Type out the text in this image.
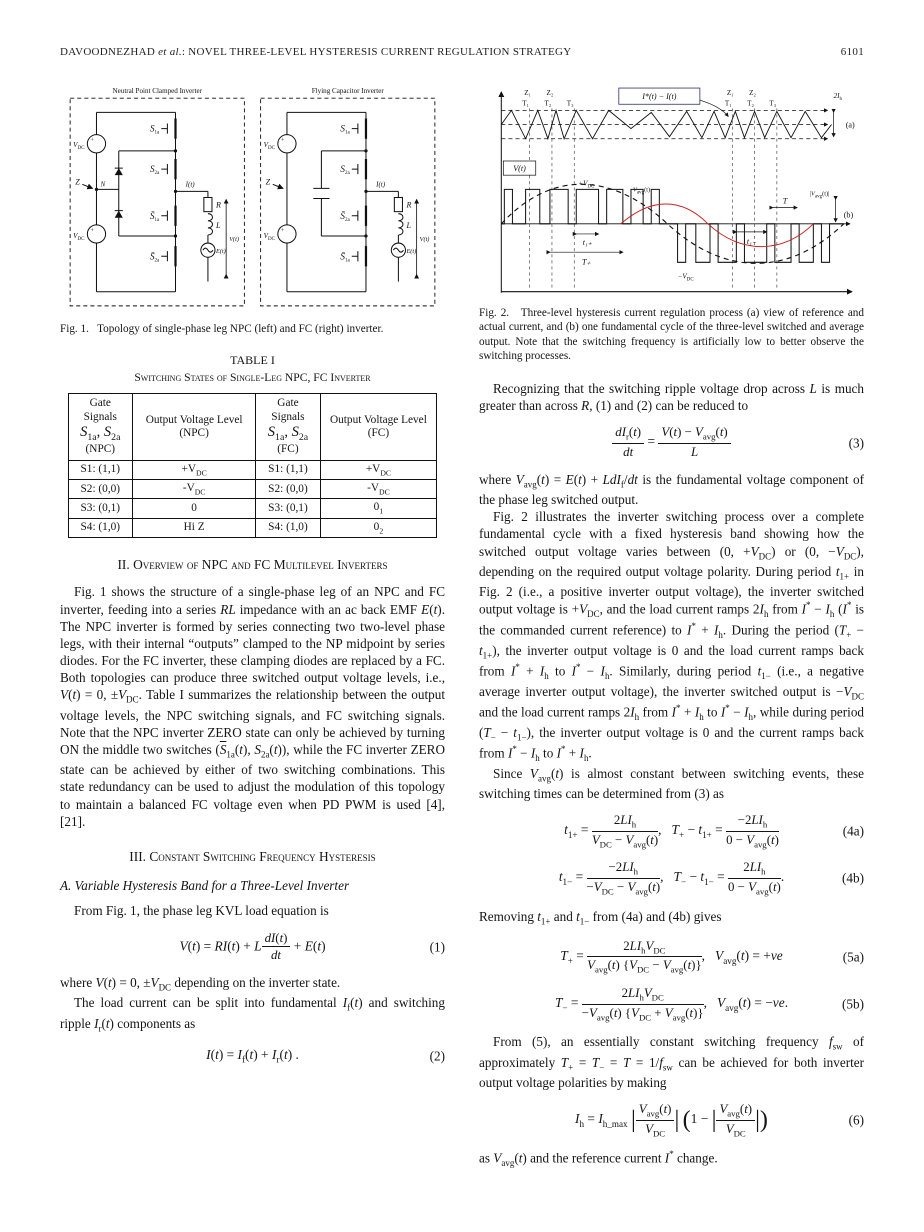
DAVOODNEZHAD et al.: NOVEL THREE-LEVEL HYSTERESIS CURRENT REGULATION STRATEGY	6101
Neutral Point Clamped Inverter
$V_{DC}$
$V_{DC}$
+
+
Z	N
$S_{1a}$
$S_{2a}$
$S̄_{1a}$
$S̄_{2a}$
I(t)
R
L
E(t)
V(t)
Flying Capacitor Inverter
$V_{DC}$
$V_{DC}$
+
+
Z
$S_{1a}$
$S_{2a}$
$S̄_{2a}$
$S̄_{1a}$
I(t)
R
L
E(t)
V(t)
Fig. 1.   Topology of single-phase leg NPC (left) and FC (right) inverter.
TABLE I
Switching States of Single-Leg NPC, FC Inverter
Gate Signals
$S_{1a}$, $S_{2a}$
(NPC)	Output Voltage Level (NPC)	Gate Signals
$S_{1a}$, $S_{2a}$
(FC)	Output Voltage Level (FC)
S1: (1,1)	$+V_{DC}$	S1: (1,1)	$+V_{DC}$
S2: (0,0)	$-V_{DC}$	S2: (0,0)	$-V_{DC}$
S3: (0,1)	0	S3: (0,1)	$0_1$
S4: (1,0)	Hi Z	S4: (1,0)	$0_2$
II. Overview of NPC and FC Multilevel Inverters

Fig. 1 shows the structure of a single-phase leg of an NPC and FC inverter, feeding into a series RL impedance with an ac back EMF E(t). The NPC inverter is formed by series connecting two two-level phase legs, with their internal “outputs” clamped to the NP midpoint by series diodes. For the FC inverter, these clamping diodes are replaced by a FC. Both topologies can produce three switched output voltage levels, i.e., V(t) = 0, $\pm V_{DC}$. Table I summarizes the relationship between the output voltage levels, the NPC switching signals, and FC switching signals. Note that the NPC inverter ZERO state can only be achieved by turning ON the middle two switches ($\overline{S}_{1a}(t)$, $S_{2a}(t)$), while the FC inverter ZERO state can be achieved by either of two switching combinations. This state redundancy can be used to adjust the modulation of this topology to maintain a balanced FC voltage even when PD PWM is used [4], [21].

III. Constant Switching Frequency Hysteresis
A. Variable Hysteresis Band for a Three-Level Inverter

From Fig. 1, the phase leg KVL load equation is

V(t) = RI(t) + L $\frac{dI(t)}{dt} + E(t)$	(1)

where V(t) = 0, $\pm V_{DC}$ depending on the inverter state.

The load current can be split into fundamental $I_f(t)$ and switching ripple $I_r(t)$ components as

$I(t) = I_f(t) + I_r(t)$ .	(2)
I*(t) − I(t)
V(t)
Z₁ Z₂
T₁ T₂ T₃
Z₁ Z₂
T₁ T₂ T₃
$2I_h$
(a)
(b)
$+V_{DC}$
$-V_{DC}$
$V_{avg}(t)$
$|V_{avg}(t)|$
t₁₊
T₊
t₁₋
T
Fig. 2.   Three-level hysteresis current regulation process (a) view of reference and actual current, and (b) one fundamental cycle of the three-level switched and average output. Note that the switching frequency is artificially low to better observe the switching processes.

Recognizing that the switching ripple voltage drop across L is much greater than across R, (1) and (2) can be reduced to

$\frac{dI_r(t)}{dt} = \frac{V(t) - V_{avg}(t)}{L}$	(3)

where $V_{avg}(t) = E(t) + LdI_f/dt$ is the fundamental voltage component of the phase leg switched output.

Fig. 2 illustrates the inverter switching process over a complete fundamental cycle with a fixed hysteresis band showing how the switched output voltage varies between (0, $+V_{DC}$) or (0, $-V_{DC}$), depending on the required output voltage polarity. During period $t_{1+}$ in Fig. 2 (i.e., a positive inverter output voltage), the inverter switched output voltage is $+V_{DC}$, and the load current ramps $2I_h$ from $I^* - I_h$ (I* is the commanded current reference) to $I^* + I_h$. During the period $(T_+ - t_{1+})$, the inverter output voltage is 0 and the load current ramps back from $I^* + I_h$ to $I^* - I_h$. Similarly, during period $t_{1-}$ (i.e., a negative average inverter output voltage), the inverter switched output is $-V_{DC}$ and the load current ramps $2I_h$ from $I^* + I_h$ to $I^* - I_h$, while during period $(T_- - t_{1-})$, the inverter output voltage is 0 and the current ramps back from $I^* - I_h$ to $I^* + I_h$.

Since $V_{avg}(t)$ is almost constant between switching events, these switching times can be determined from (3) as

$t_{1+} = \frac{2LI_h}{V_{DC} - V_{avg}(t)}$ ,   $T_+ - t_{1+} = \frac{-2LI_h}{0 - V_{avg}(t)}$	(4a)
$t_{1-} = \frac{-2LI_h}{-V_{DC} - V_{avg}(t)}$ ,   $T_- - t_{1-} = \frac{2LI_h}{0 - V_{avg}(t)}$ .	(4b)

Removing $t_{1+}$ and $t_{1-}$ from (4a) and (4b) gives

$T_+ = \frac{2LI_hV_{DC}}{V_{avg}(t) \{V_{DC} - V_{avg}(t)\}}$ ,   $V_{avg}(t) = +ve$	(5a)
$T_- = \frac{2LI_hV_{DC}}{-V_{avg}(t) \{V_{DC} + V_{avg}(t)\}}$ ,   $V_{avg}(t) = -ve$.	(5b)

From (5), an essentially constant switching frequency $f_{sw}$ of approximately $T_+ = T_- = T = 1/f_{sw}$ can be achieved for both inverter output voltage polarities by making

$I_h = I_{h\_max}$ | $\frac{V_{avg}(t)}{V_{DC}}$ | (1 − | $\frac{V_{avg}(t)}{V_{DC}}$ |)	(6)

as $V_{avg}(t)$ and the reference current I* change.
